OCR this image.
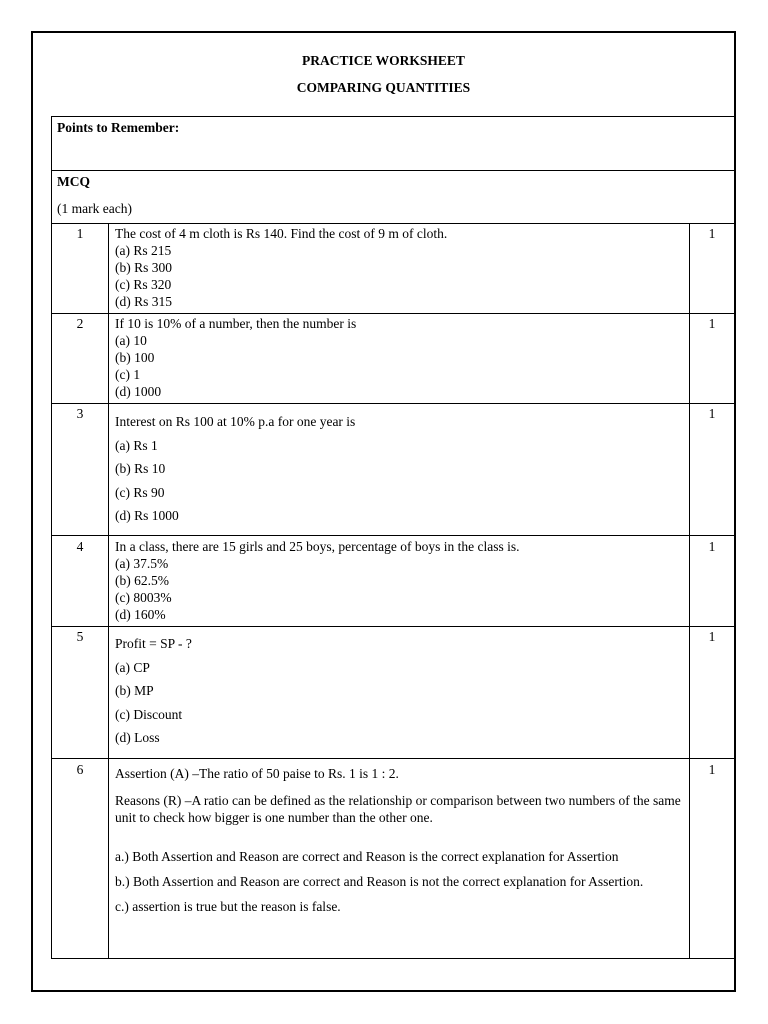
PRACTICE WORKSHEET
COMPARING QUANTITIES
Points to Remember:
MCQ
(1 mark each)
1	The cost of 4 m cloth is Rs 140. Find the cost of 9 m of cloth.
(a) Rs 215
(b) Rs 300
(c) Rs 320
(d) Rs 315
1
2	If 10 is 10% of a number, then the number is
(a) 10
(b) 100
(c) 1
(d) 1000
1
3
Interest on Rs 100 at 10% p.a for one year is
(a) Rs 1
(b) Rs 10
(c) Rs 90
(d) Rs 1000
1
4	In a class, there are 15 girls and 25 boys, percentage of boys in the class is.
(a) 37.5%
(b) 62.5%
(c) 8003%
(d) 160%
1
5	Profit = SP - ?
(a) CP
(b) MP
(c) Discount
(d) Loss
1
6	Assertion (A) –The ratio of 50 paise to Rs. 1 is 1 : 2.
Reasons (R) –A ratio can be defined as the relationship or comparison between two numbers of the same unit to check how bigger is one number than the other one.
a.) Both Assertion and Reason are correct and Reason is the correct explanation for Assertion
b.) Both Assertion and Reason are correct and Reason is not the correct explanation for Assertion.
c.) assertion is true but the reason is false.
1
